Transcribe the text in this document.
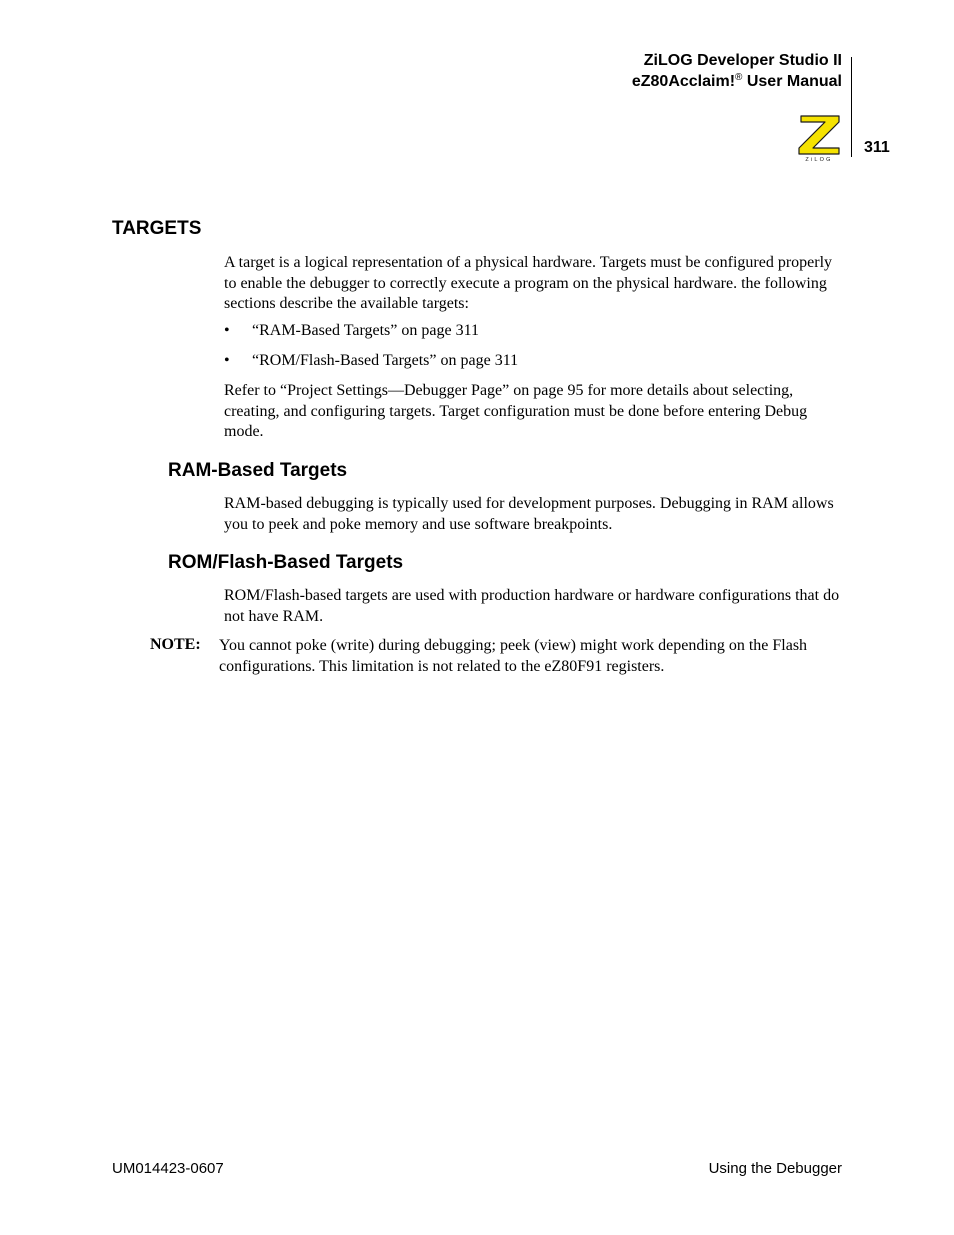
ZiLOG Developer Studio II
eZ80Acclaim!® User Manual
ZiLOG
311
TARGETS
A target is a logical representation of a physical hardware. Targets must be configured properly to enable the debugger to correctly execute a program on the physical hardware. the following sections describe the available targets:
• “RAM-Based Targets” on page 311
• “ROM/Flash-Based Targets” on page 311
Refer to “Project Settings—Debugger Page” on page 95 for more details about selecting, creating, and configuring targets. Target configuration must be done before entering Debug mode.
RAM-Based Targets
RAM-based debugging is typically used for development purposes. Debugging in RAM allows you to peek and poke memory and use software breakpoints.
ROM/Flash-Based Targets
ROM/Flash-based targets are used with production hardware or hardware configurations that do not have RAM.
NOTE: You cannot poke (write) during debugging; peek (view) might work depending on the Flash configurations. This limitation is not related to the eZ80F91 registers.
UM014423-0607	Using the Debugger
